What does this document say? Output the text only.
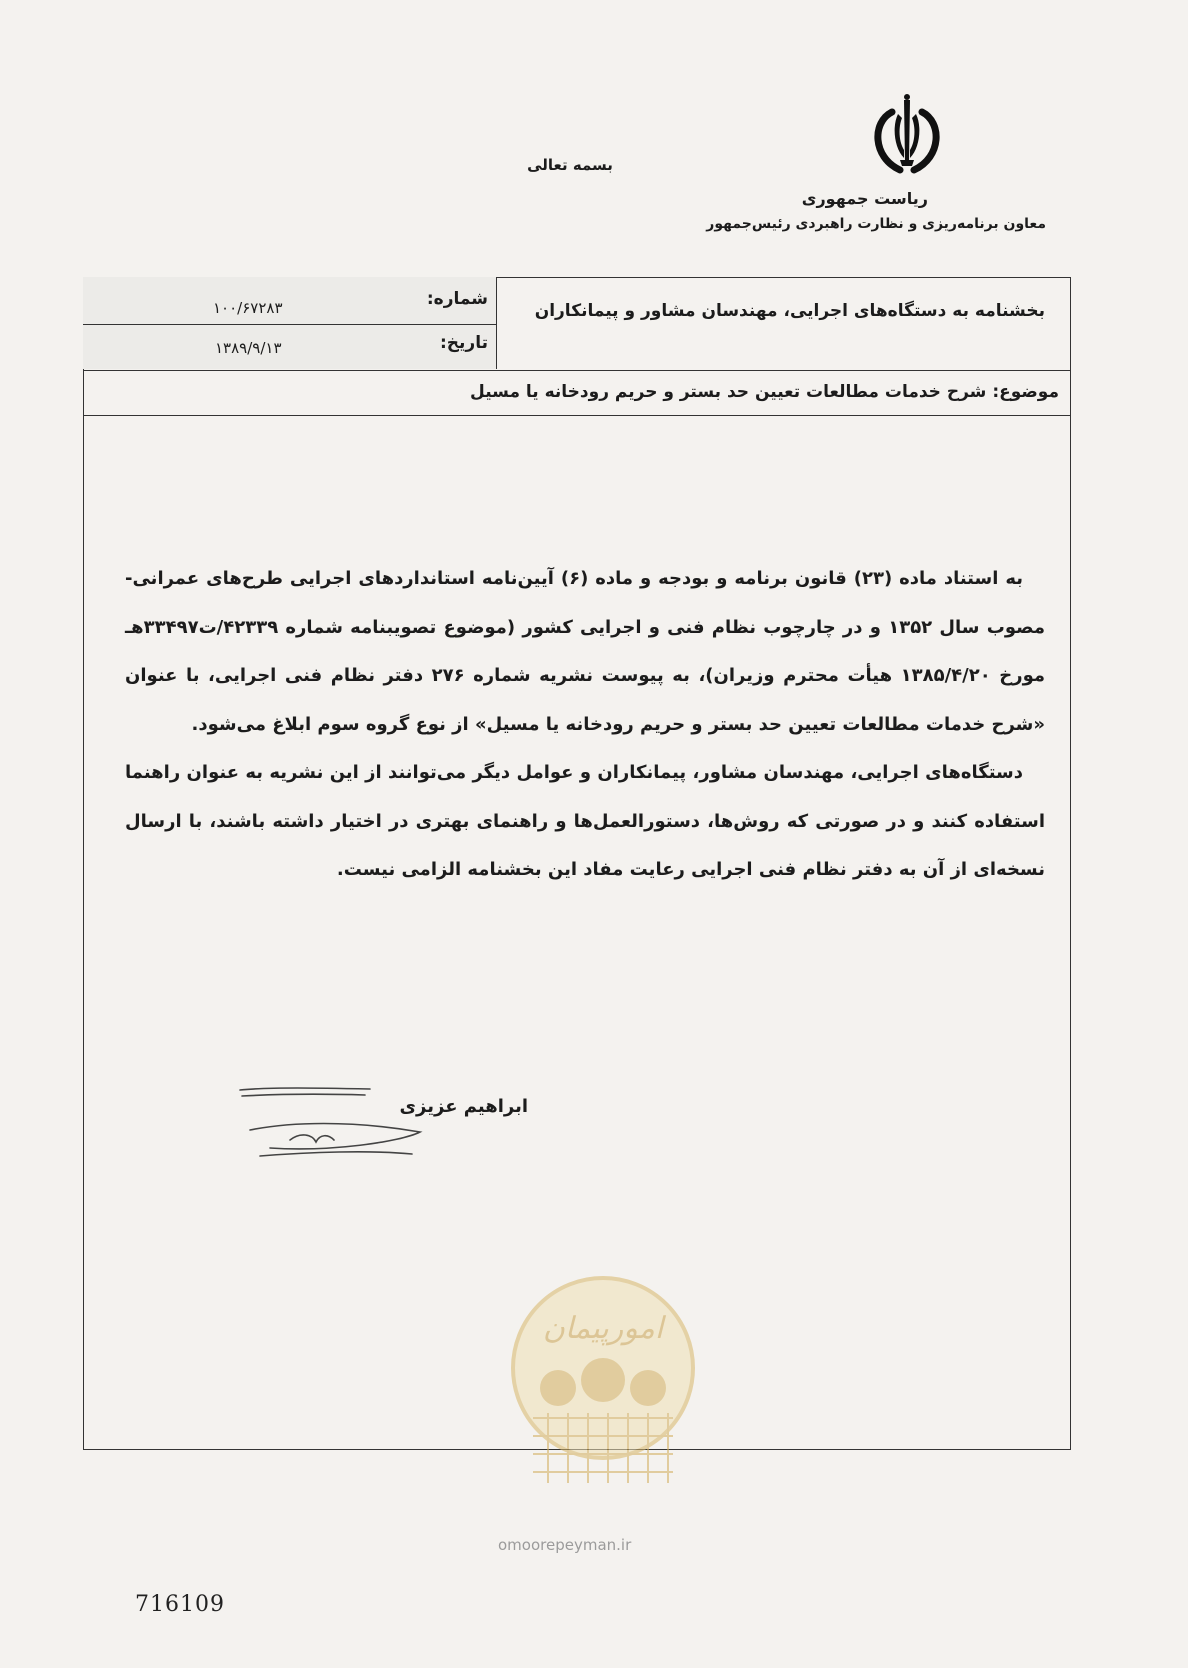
بسمه تعالی
ریاست جمهوری
معاون برنامه‌ریزی و نظارت راهبردی رئیس‌جمهور
شماره:
۱۰۰/۶۷۲۸۳
تاریخ:
۱۳۸۹/۹/۱۳
بخشنامه به دستگاه‌های اجرایی، مهندسان مشاور و پیمانکاران
موضوع: شرح خدمات مطالعات تعیین حد بستر و حریم رودخانه یا مسیل

به استناد ماده (۲۳) قانون برنامه و بودجه و ماده (۶) آیین‌نامه استانداردهای اجرایی طرح‌های عمرانی- مصوب سال ۱۳۵۲ و در چارچوب نظام فنی و اجرایی کشور (موضوع تصویبنامه شماره ۴۲۳۳۹/ت۳۳۴۹۷هـ مورخ ۱۳۸۵/۴/۲۰ هیأت محترم وزیران)، به پیوست نشریه شماره ۲۷۶ دفتر نظام فنی اجرایی، با عنوان «شرح خدمات مطالعات تعیین حد بستر و حریم رودخانه یا مسیل» از نوع گروه سوم ابلاغ می‌شود.

دستگاه‌های اجرایی، مهندسان مشاور، پیمانکاران و عوامل دیگر می‌توانند از این نشریه به عنوان راهنما استفاده کنند و در صورتی که روش‌ها، دستورالعمل‌ها و راهنمای بهتری در اختیار داشته باشند، با ارسال نسخه‌ای از آن به دفتر نظام فنی اجرایی رعایت مفاد این بخشنامه الزامی نیست.

ابراهیم عزیزی
امورپیمان
omoorepeyman.ir
716109
